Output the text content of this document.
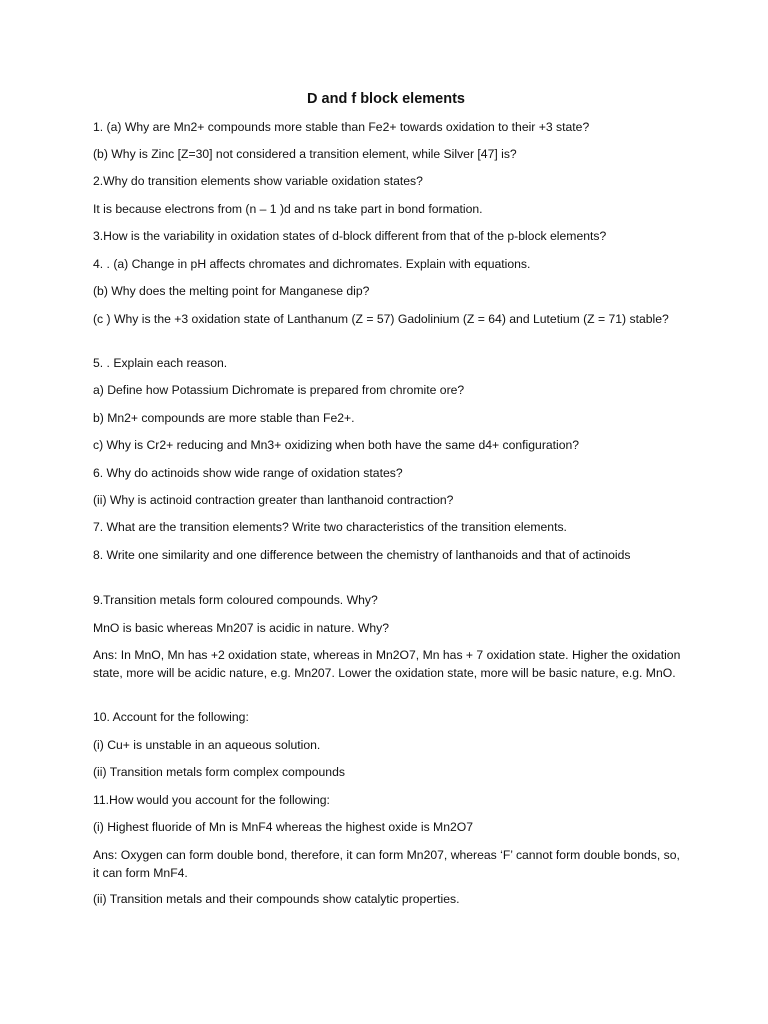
D and f block elements

1. (a) Why are Mn2+ compounds more stable than Fe2+ towards oxidation to their +3 state?

(b) Why is Zinc [Z=30] not considered a transition element, while Silver [47] is?

2.Why do transition elements show variable oxidation states?

It is because electrons from (n – 1 )d and ns take part in bond formation.

3.How is the variability in oxidation states of d-block different from that of the p-block elements?

4. . (a) Change in pH affects chromates and dichromates. Explain with equations.

(b) Why does the melting point for Manganese dip?

(c ) Why is the +3 oxidation state of Lanthanum (Z = 57) Gadolinium (Z = 64) and Lutetium (Z = 71) stable?

5. . Explain each reason.

a) Define how Potassium Dichromate is prepared from chromite ore?

b) Mn2+ compounds are more stable than Fe2+.

c) Why is Cr2+ reducing and Mn3+ oxidizing when both have the same d4+ configuration?

6. Why do actinoids show wide range of oxidation states?

(ii) Why is actinoid contraction greater than lanthanoid contraction?

7. What are the transition elements? Write two characteristics of the transition elements.

8. Write one similarity and one difference between the chemistry of lanthanoids and that of actinoids

9.Transition metals form coloured compounds. Why?

MnO is basic whereas Mn207 is acidic in nature. Why?

Ans: In MnO, Mn has +2 oxidation state, whereas in Mn2O7, Mn has + 7 oxidation state. Higher the oxidation state, more will be acidic nature, e.g. Mn207. Lower the oxidation state, more will be basic nature, e.g. MnO.

10. Account for the following:

(i) Cu+ is unstable in an aqueous solution.

(ii) Transition metals form complex compounds

11.How would you account for the following:

(i) Highest fluoride of Mn is MnF4 whereas the highest oxide is Mn2O7

Ans: Oxygen can form double bond, therefore, it can form Mn207, whereas ‘F’ cannot form double bonds, so, it can form MnF4.

(ii) Transition metals and their compounds show catalytic properties.
